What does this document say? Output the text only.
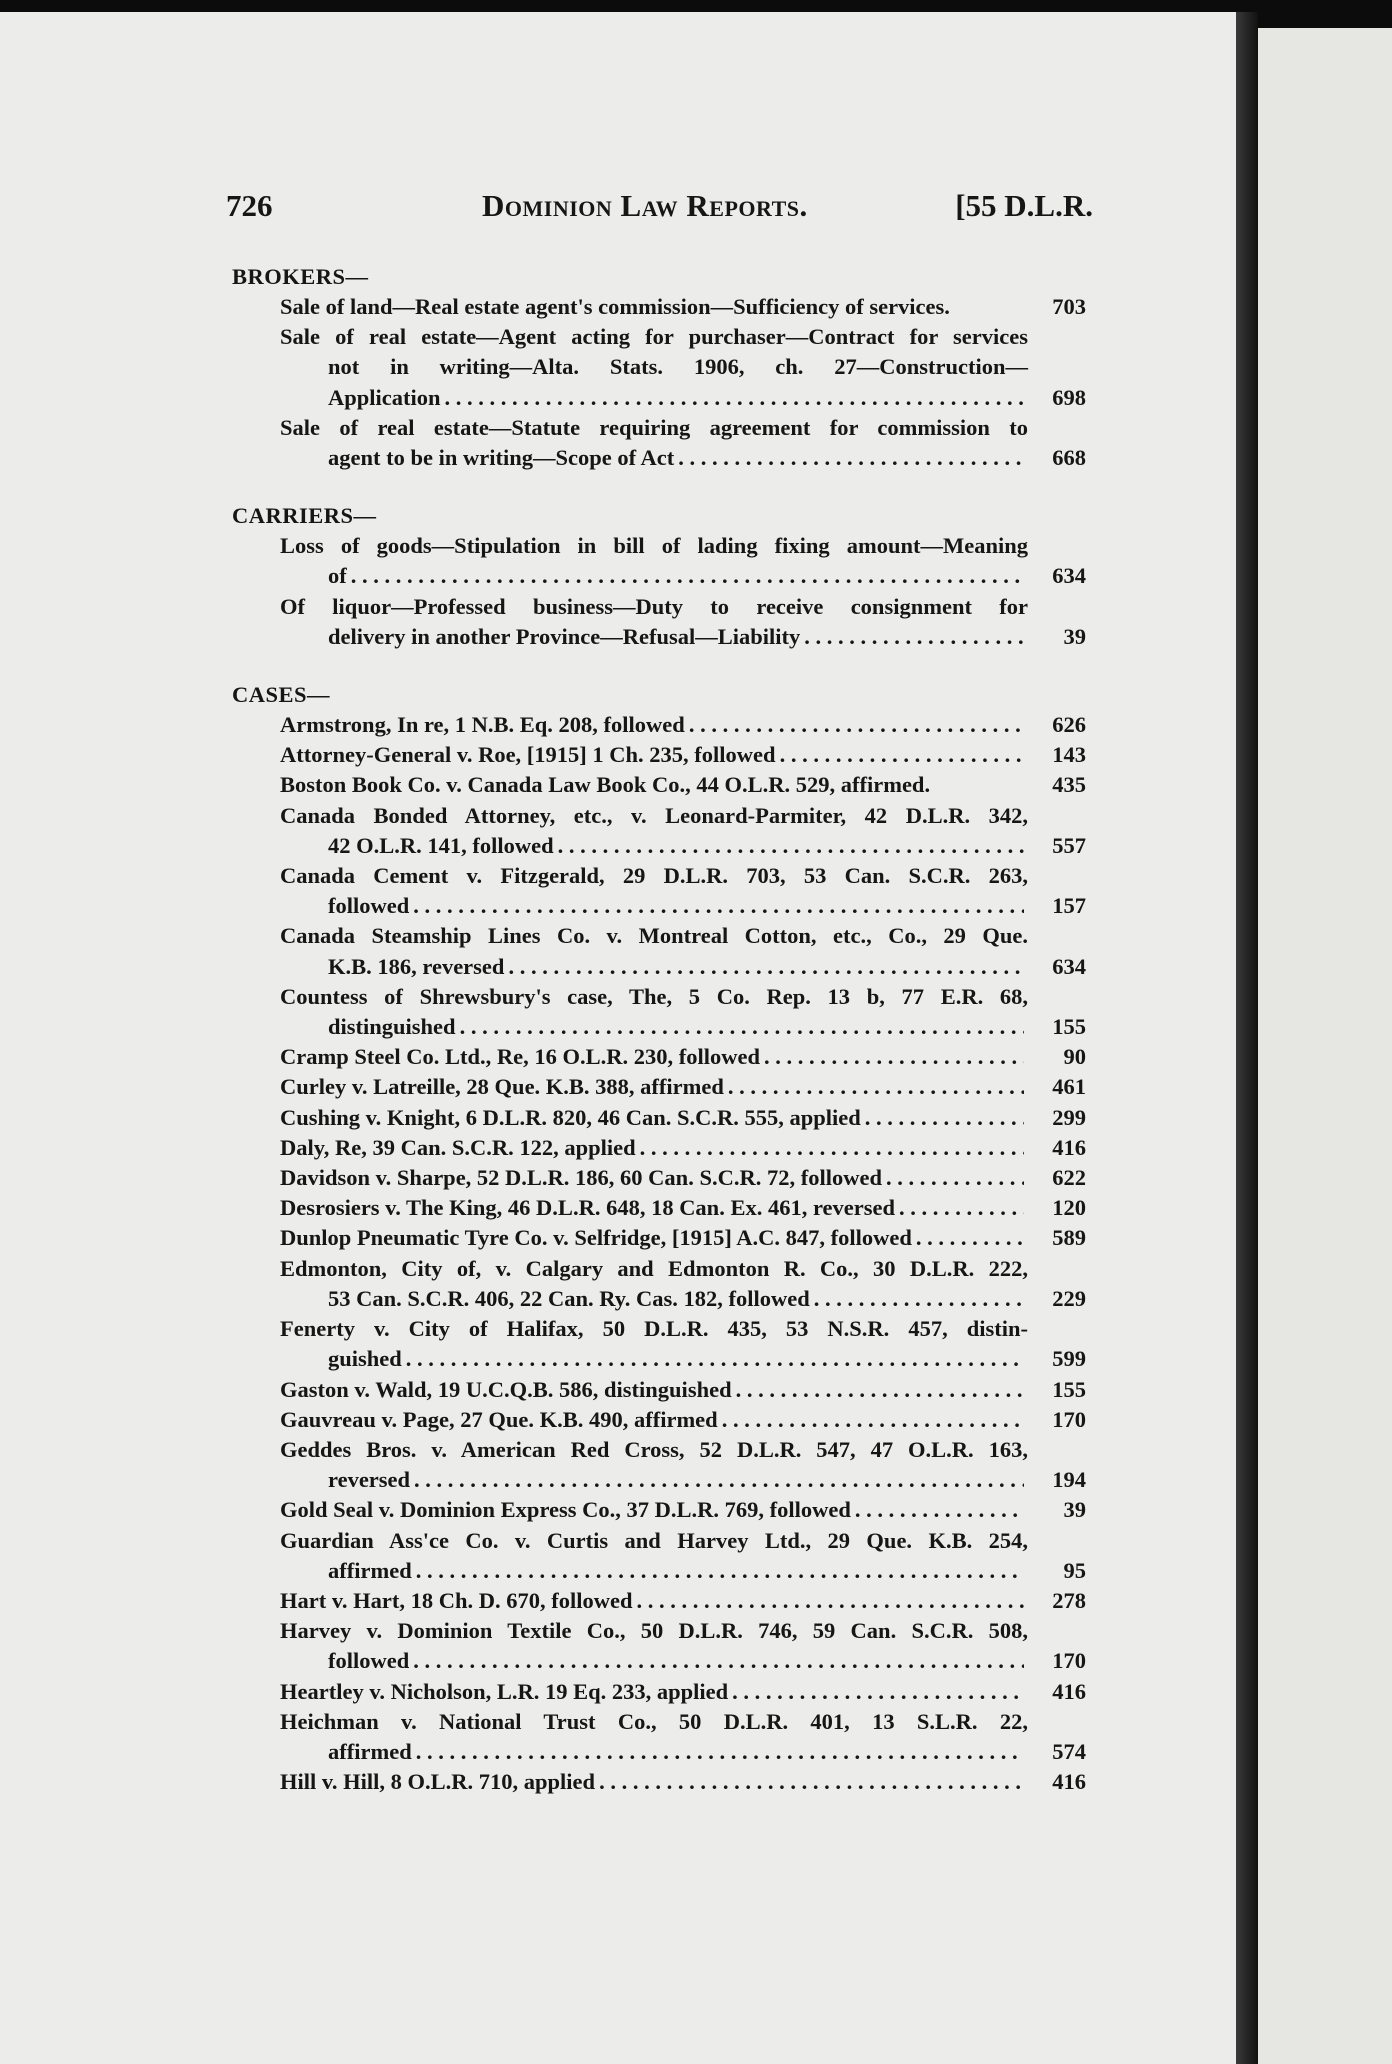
726	Dominion Law Reports.	[55 D.L.R.
BROKERS—
Sale of land—Real estate agent's commission—Sufficiency of services.	703
Sale of real estate—Agent acting for purchaser—Contract for services
not in writing—Alta. Stats. 1906, ch. 27—Construction—
Application . . .	698
Sale of real estate—Statute requiring agreement for commission to
agent to be in writing—Scope of Act . . .	668
CARRIERS—
Loss of goods—Stipulation in bill of lading fixing amount—Meaning
of . . .	634
Of liquor—Professed business—Duty to receive consignment for
delivery in another Province—Refusal—Liability . . .	39
CASES—
Armstrong, In re, 1 N.B. Eq. 208, followed . . .	626
Attorney-General v. Roe, [1915] 1 Ch. 235, followed . . .	143
Boston Book Co. v. Canada Law Book Co., 44 O.L.R. 529, affirmed.	435
Canada Bonded Attorney, etc., v. Leonard-Parmiter, 42 D.L.R. 342,
42 O.L.R. 141, followed . . .	557
Canada Cement v. Fitzgerald, 29 D.L.R. 703, 53 Can. S.C.R. 263,
followed . . .	157
Canada Steamship Lines Co. v. Montreal Cotton, etc., Co., 29 Que.
K.B. 186, reversed . . .	634
Countess of Shrewsbury's case, The, 5 Co. Rep. 13 b, 77 E.R. 68,
distinguished . . .	155
Cramp Steel Co. Ltd., Re, 16 O.L.R. 230, followed . . .	90
Curley v. Latreille, 28 Que. K.B. 388, affirmed . . .	461
Cushing v. Knight, 6 D.L.R. 820, 46 Can. S.C.R. 555, applied . . .	299
Daly, Re, 39 Can. S.C.R. 122, applied . . .	416
Davidson v. Sharpe, 52 D.L.R. 186, 60 Can. S.C.R. 72, followed . . .	622
Desrosiers v. The King, 46 D.L.R. 648, 18 Can. Ex. 461, reversed . . .	120
Dunlop Pneumatic Tyre Co. v. Selfridge, [1915] A.C. 847, followed . . .	589
Edmonton, City of, v. Calgary and Edmonton R. Co., 30 D.L.R. 222,
53 Can. S.C.R. 406, 22 Can. Ry. Cas. 182, followed . . .	229
Fenerty v. City of Halifax, 50 D.L.R. 435, 53 N.S.R. 457, distin-
guished . . .	599
Gaston v. Wald, 19 U.C.Q.B. 586, distinguished . . .	155
Gauvreau v. Page, 27 Que. K.B. 490, affirmed . . .	170
Geddes Bros. v. American Red Cross, 52 D.L.R. 547, 47 O.L.R. 163,
reversed . . .	194
Gold Seal v. Dominion Express Co., 37 D.L.R. 769, followed . . .	39
Guardian Ass'ce Co. v. Curtis and Harvey Ltd., 29 Que. K.B. 254,
affirmed . . .	95
Hart v. Hart, 18 Ch. D. 670, followed . . .	278
Harvey v. Dominion Textile Co., 50 D.L.R. 746, 59 Can. S.C.R. 508,
followed . . .	170
Heartley v. Nicholson, L.R. 19 Eq. 233, applied . . .	416
Heichman v. National Trust Co., 50 D.L.R. 401, 13 S.L.R. 22,
affirmed . . .	574
Hill v. Hill, 8 O.L.R. 710, applied . . .	416
